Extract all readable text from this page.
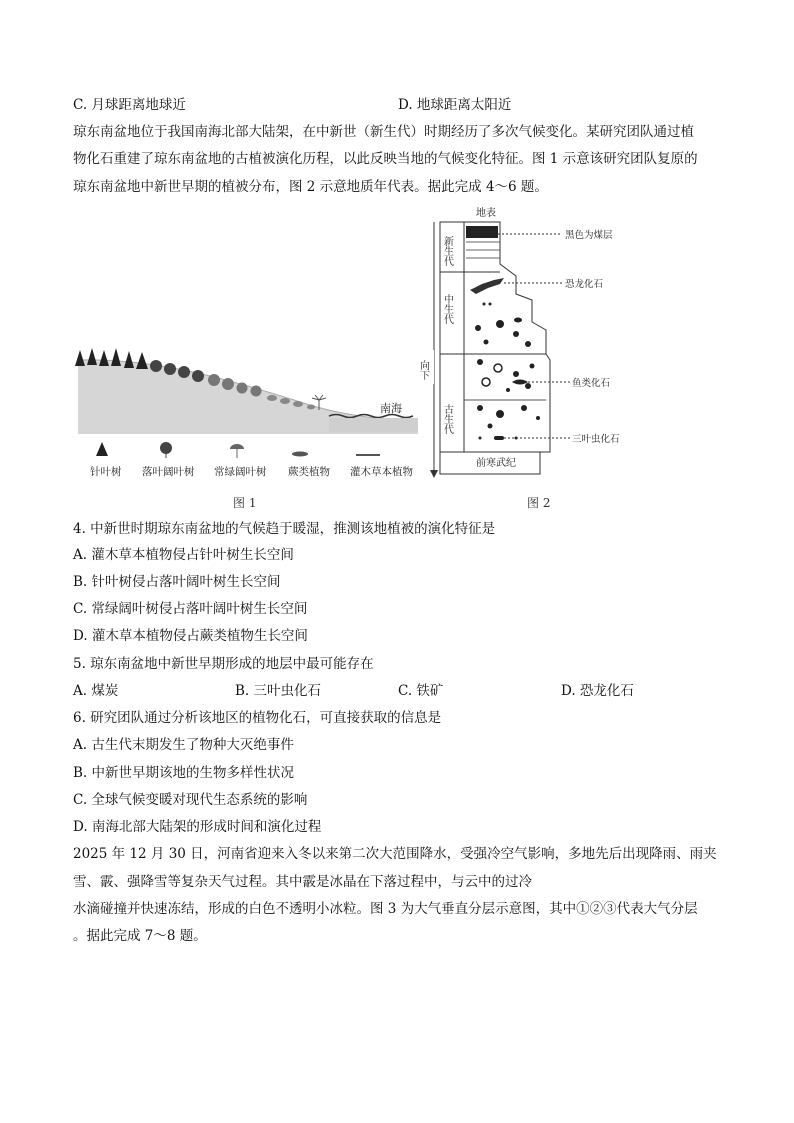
C. 月球距离地球近	D. 地球距离太阳近
琼东南盆地位于我国南海北部大陆架，在中新世（新生代）时期经历了多次气候变化。某研究团队通过植
物化石重建了琼东南盆地的古植被演化历程，以此反映当地的气候变化特征。图 1 示意该研究团队复原的
琼东南盆地中新世早期的植被分布，图 2 示意地质年代表。据此完成 4～6 题。
南海
针叶树 落叶阔叶树 常绿阔叶树 蕨类植物 灌木草本植物
图 1
地表
新生代
中生代
古生代
前寒武纪
向下
黑色为煤层
恐龙化石
鱼类化石
三叶虫化石
图 2
4. 中新世时期琼东南盆地的气候趋于暖湿，推测该地植被的演化特征是
A. 灌木草本植物侵占针叶树生长空间
B. 针叶树侵占落叶阔叶树生长空间
C. 常绿阔叶树侵占落叶阔叶树生长空间
D. 灌木草本植物侵占蕨类植物生长空间
5. 琼东南盆地中新世早期形成的地层中最可能存在
A. 煤炭	B. 三叶虫化石	C. 铁矿	D. 恐龙化石
6. 研究团队通过分析该地区的植物化石，可直接获取的信息是
A. 古生代末期发生了物种大灭绝事件
B. 中新世早期该地的生物多样性状况
C. 全球气候变暖对现代生态系统的影响
D. 南海北部大陆架的形成时间和演化过程
2025 年 12 月 30 日，河南省迎来入冬以来第二次大范围降水，受强冷空气影响，多地先后出现降雨、雨夹
雪、霰、强降雪等复杂天气过程。其中霰是冰晶在下落过程中，与云中的过冷
水滴碰撞并快速冻结，形成的白色不透明小冰粒。图 3 为大气垂直分层示意图，其中①②③代表大气分层
。据此完成 7～8 题。
